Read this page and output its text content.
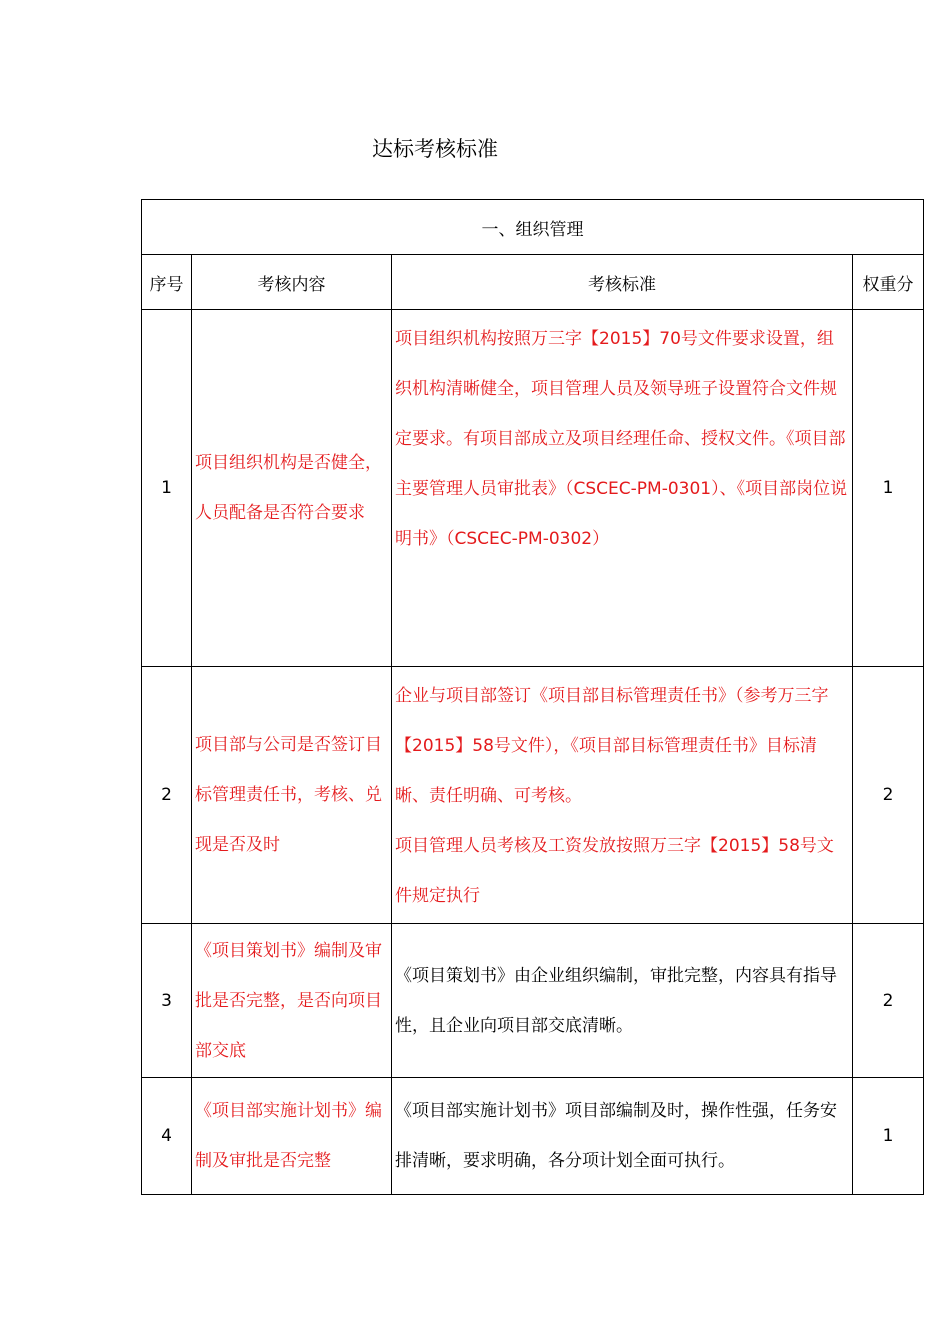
达标考核标准
一、组织管理			
序号	考核内容	考核标准	权重分
1	项目组织机构是否健全，人员配备是否符合要求	项目组织机构按照万三字【2015】70号文件要求设置，组织机构清晰健全，项目管理人员及领导班子设置符合文件规定要求。有项目部成立及项目经理任命、授权文件。《项目部主要管理人员审批表》（CSCEC-PM-0301）、《项目部岗位说明书》（CSCEC-PM-0302）	1
2	项目部与公司是否签订目标管理责任书，考核、兑现是否及时	企业与项目部签订《项目部目标管理责任书》（参考万三字【2015】58号文件），《项目部目标管理责任书》目标清晰、责任明确、可考核。

项目管理人员考核及工资发放按照万三字【2015】58号文件规定执行	2
3	《项目策划书》编制及审批是否完整，是否向项目部交底	《项目策划书》由企业组织编制，审批完整，内容具有指导性，且企业向项目部交底清晰。	2
4	《项目部实施计划书》编制及审批是否完整	《项目部实施计划书》项目部编制及时，操作性强，任务安排清晰，要求明确，各分项计划全面可执行。	1
